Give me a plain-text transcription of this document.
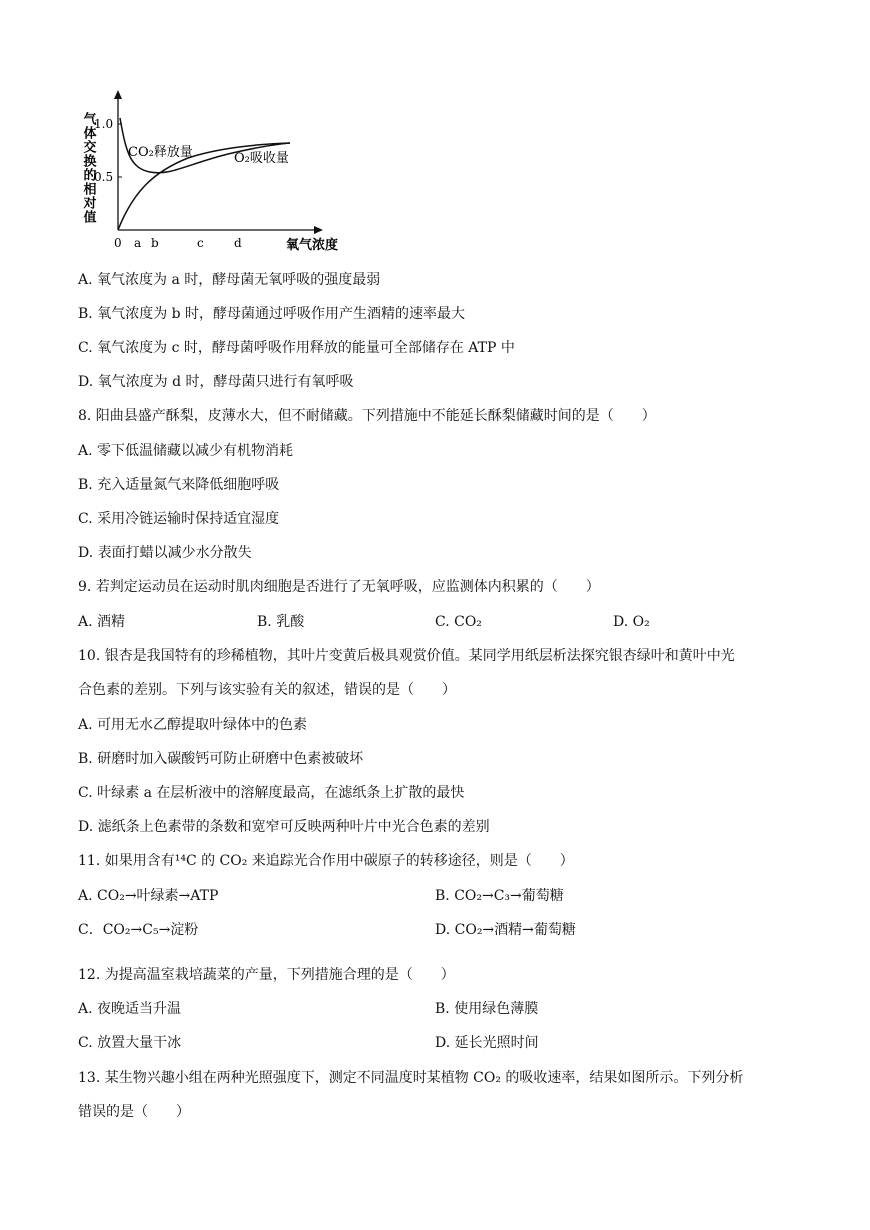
气体交换的相对值
1.0
0.5
0 a b	c	d	氧气浓度
CO₂释放量	O₂吸收量
A. 氧气浓度为 a 时，酵母菌无氧呼吸的强度最弱
B. 氧气浓度为 b 时，酵母菌通过呼吸作用产生酒精的速率最大
C. 氧气浓度为 c 时，酵母菌呼吸作用释放的能量可全部储存在 ATP 中
D. 氧气浓度为 d 时，酵母菌只进行有氧呼吸
8. 阳曲县盛产酥梨，皮薄水大，但不耐储藏。下列措施中不能延长酥梨储藏时间的是（　　）
A. 零下低温储藏以减少有机物消耗
B. 充入适量氮气来降低细胞呼吸
C. 采用冷链运输时保持适宜湿度
D. 表面打蜡以减少水分散失
9. 若判定运动员在运动时肌肉细胞是否进行了无氧呼吸，应监测体内积累的（　　）
A. 酒精	B. 乳酸	C. CO₂	D. O₂
10. 银杏是我国特有的珍稀植物，其叶片变黄后极具观赏价值。某同学用纸层析法探究银杏绿叶和黄叶中光
合色素的差别。下列与该实验有关的叙述，错误的是（　　）
A. 可用无水乙醇提取叶绿体中的色素
B. 研磨时加入碳酸钙可防止研磨中色素被破坏
C. 叶绿素 a 在层析液中的溶解度最高，在滤纸条上扩散的最快
D. 滤纸条上色素带的条数和宽窄可反映两种叶片中光合色素的差别
11. 如果用含有¹⁴C 的 CO₂ 来追踪光合作用中碳原子的转移途径，则是（　　）
A. CO₂→叶绿素→ATP	B. CO₂→C₃→葡萄糖
C．CO₂→C₅→淀粉	D. CO₂→酒精→葡萄糖
12. 为提高温室栽培蔬菜的产量，下列措施合理的是（　　）
A. 夜晚适当升温	B. 使用绿色薄膜
C. 放置大量干冰	D. 延长光照时间
13. 某生物兴趣小组在两种光照强度下，测定不同温度时某植物 CO₂ 的吸收速率，结果如图所示。下列分析
错误的是（　　）
